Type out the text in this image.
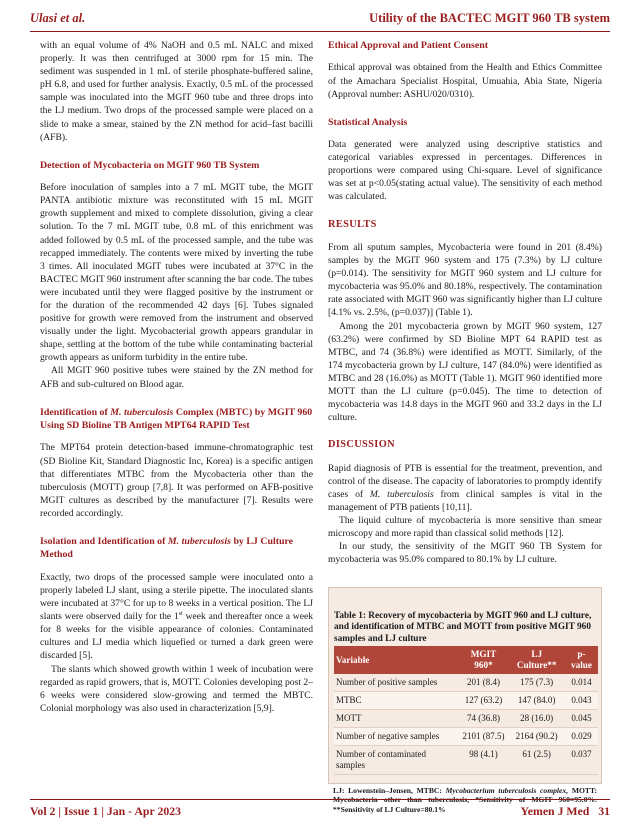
Ulasi et al.	Utility of the BACTEC MGIT 960 TB system

with an equal volume of 4% NaOH and 0.5 mL NALC and mixed properly. It was then centrifuged at 3000 rpm for 15 min. The sediment was suspended in 1 mL of sterile phosphate-buffered saline, pH 6.8, and used for further analysis. Exactly, 0.5 mL of the processed sample was inoculated into the MGIT 960 tube and three drops into the LJ medium. Two drops of the processed sample were placed on a slide to make a smear, stained by the ZN method for acid–fast bacilli (AFB).

Detection of Mycobacteria on MGIT 960 TB System

Before inoculation of samples into a 7 mL MGIT tube, the MGIT PANTA antibiotic mixture was reconstituted with 15 mL MGIT growth supplement and mixed to complete dissolution, giving a clear solution. To the 7 mL MGIT tube, 0.8 mL of this enrichment was added followed by 0.5 mL of the processed sample, and the tube was recapped immediately. The contents were mixed by inverting the tube 3 times. All inoculated MGIT tubes were incubated at 37°C in the BACTEC MGIT 960 instrument after scanning the bar code. The tubes were incubated until they were flagged positive by the instrument or for the duration of the recommended 42 days [6]. Tubes signaled positive for growth were removed from the instrument and observed visually under the light. Mycobacterial growth appears grandular in shape, settling at the bottom of the tube while contaminating bacterial growth appears as uniform turbidity in the entire tube.

All MGIT 960 positive tubes were stained by the ZN method for AFB and sub-cultured on Blood agar.

Identification of M. tuberculosis Complex (MBTC) by MGIT 960 Using SD Bioline TB Antigen MPT64 RAPID Test

The MPT64 protein detection-based immune-chromatographic test (SD Bioline Kit, Standard Diagnostic Inc, Korea) is a specific antigen that differentiates MTBC from the Mycobacteria other than the tuberculosis (MOTT) group [7,8]. It was performed on AFB-positive MGIT cultures as described by the manufacturer [7]. Results were recorded accordingly.

Isolation and Identification of M. tuberculosis by LJ Culture Method

Exactly, two drops of the processed sample were inoculated onto a properly labeled LJ slant, using a sterile pipette. The inoculated slants were incubated at 37°C for up to 8 weeks in a vertical position. The LJ slants were observed daily for the 1st week and thereafter once a week for 8 weeks for the visible appearance of colonies. Contaminated cultures and LJ media which liquefied or turned a dark green were discarded [5].

The slants which showed growth within 1 week of incubation were regarded as rapid growers, that is, MOTT. Colonies developing post 2–6 weeks were considered slow-growing and termed the MBTC. Colonial morphology was also used in characterization [5,9].

Ethical Approval and Patient Consent

Ethical approval was obtained from the Health and Ethics Committee of the Amachara Specialist Hospital, Umuahia, Abia State, Nigeria (Approval number: ASHU/020/0310).

Statistical Analysis

Data generated were analyzed using descriptive statistics and categorical variables expressed in percentages. Differences in proportions were compared using Chi-square. Level of significance was set at p<0.05(stating actual value). The sensitivity of each method was calculated.

RESULTS

From all sputum samples, Mycobacteria were found in 201 (8.4%) samples by the MGIT 960 system and 175 (7.3%) by LJ culture (p=0.014). The sensitivity for MGIT 960 system and LJ culture for mycobacteria was 95.0% and 80.18%, respectively. The contamination rate associated with MGIT 960 was significantly higher than LJ culture [4.1% vs. 2.5%, (p=0.037)] (Table 1).

Among the 201 mycobacteria grown by MGIT 960 system, 127 (63.2%) were confirmed by SD Bioline MPT 64 RAPID test as MTBC, and 74 (36.8%) were identified as MOTT. Similarly, of the 174 mycobacteria grown by LJ culture, 147 (84.0%) were identified as MTBC and 28 (16.0%) as MOTT (Table 1). MGIT 960 identified more MOTT than the LJ culture (p=0.045). The time to detection of mycobacteria was 14.8 days in the MGIT 960 and 33.2 days in the LJ culture.

DISCUSSION

Rapid diagnosis of PTB is essential for the treatment, prevention, and control of the disease. The capacity of laboratories to promptly identify cases of M. tuberculosis from clinical samples is vital in the management of PTB patients [10,11].

The liquid culture of mycobacteria is more sensitive than smear microscopy and more rapid than classical solid methods [12].

In our study, the sensitivity of the MGIT 960 TB System for mycobacteria was 95.0% compared to 80.1% by LJ culture.

Table 1: Recovery of mycobacteria by MGIT 960 and LJ culture, and identification of MTBC and MOTT from positive MGIT 960 samples and LJ culture
Variable	MGIT 960*	LJ Culture**	p-value
Number of positive samples	201 (8.4)	175 (7.3)	0.014
MTBC	127 (63.2)	147 (84.0)	0.043
MOTT	74 (36.8)	28 (16.0)	0.045
Number of negative samples	2101 (87.5)	2164 (90.2)	0.029
Number of contaminated samples	98 (4.1)	61 (2.5)	0.037
LJ: Lowenstein–Jensen, MTBC: Mycobacterium tuberculosis complex, MOTT: **Sensitivity of LJ Culture=80.1%
Vol 2 | Issue 1 | Jan - Apr 2023	Yemen J Med   31
